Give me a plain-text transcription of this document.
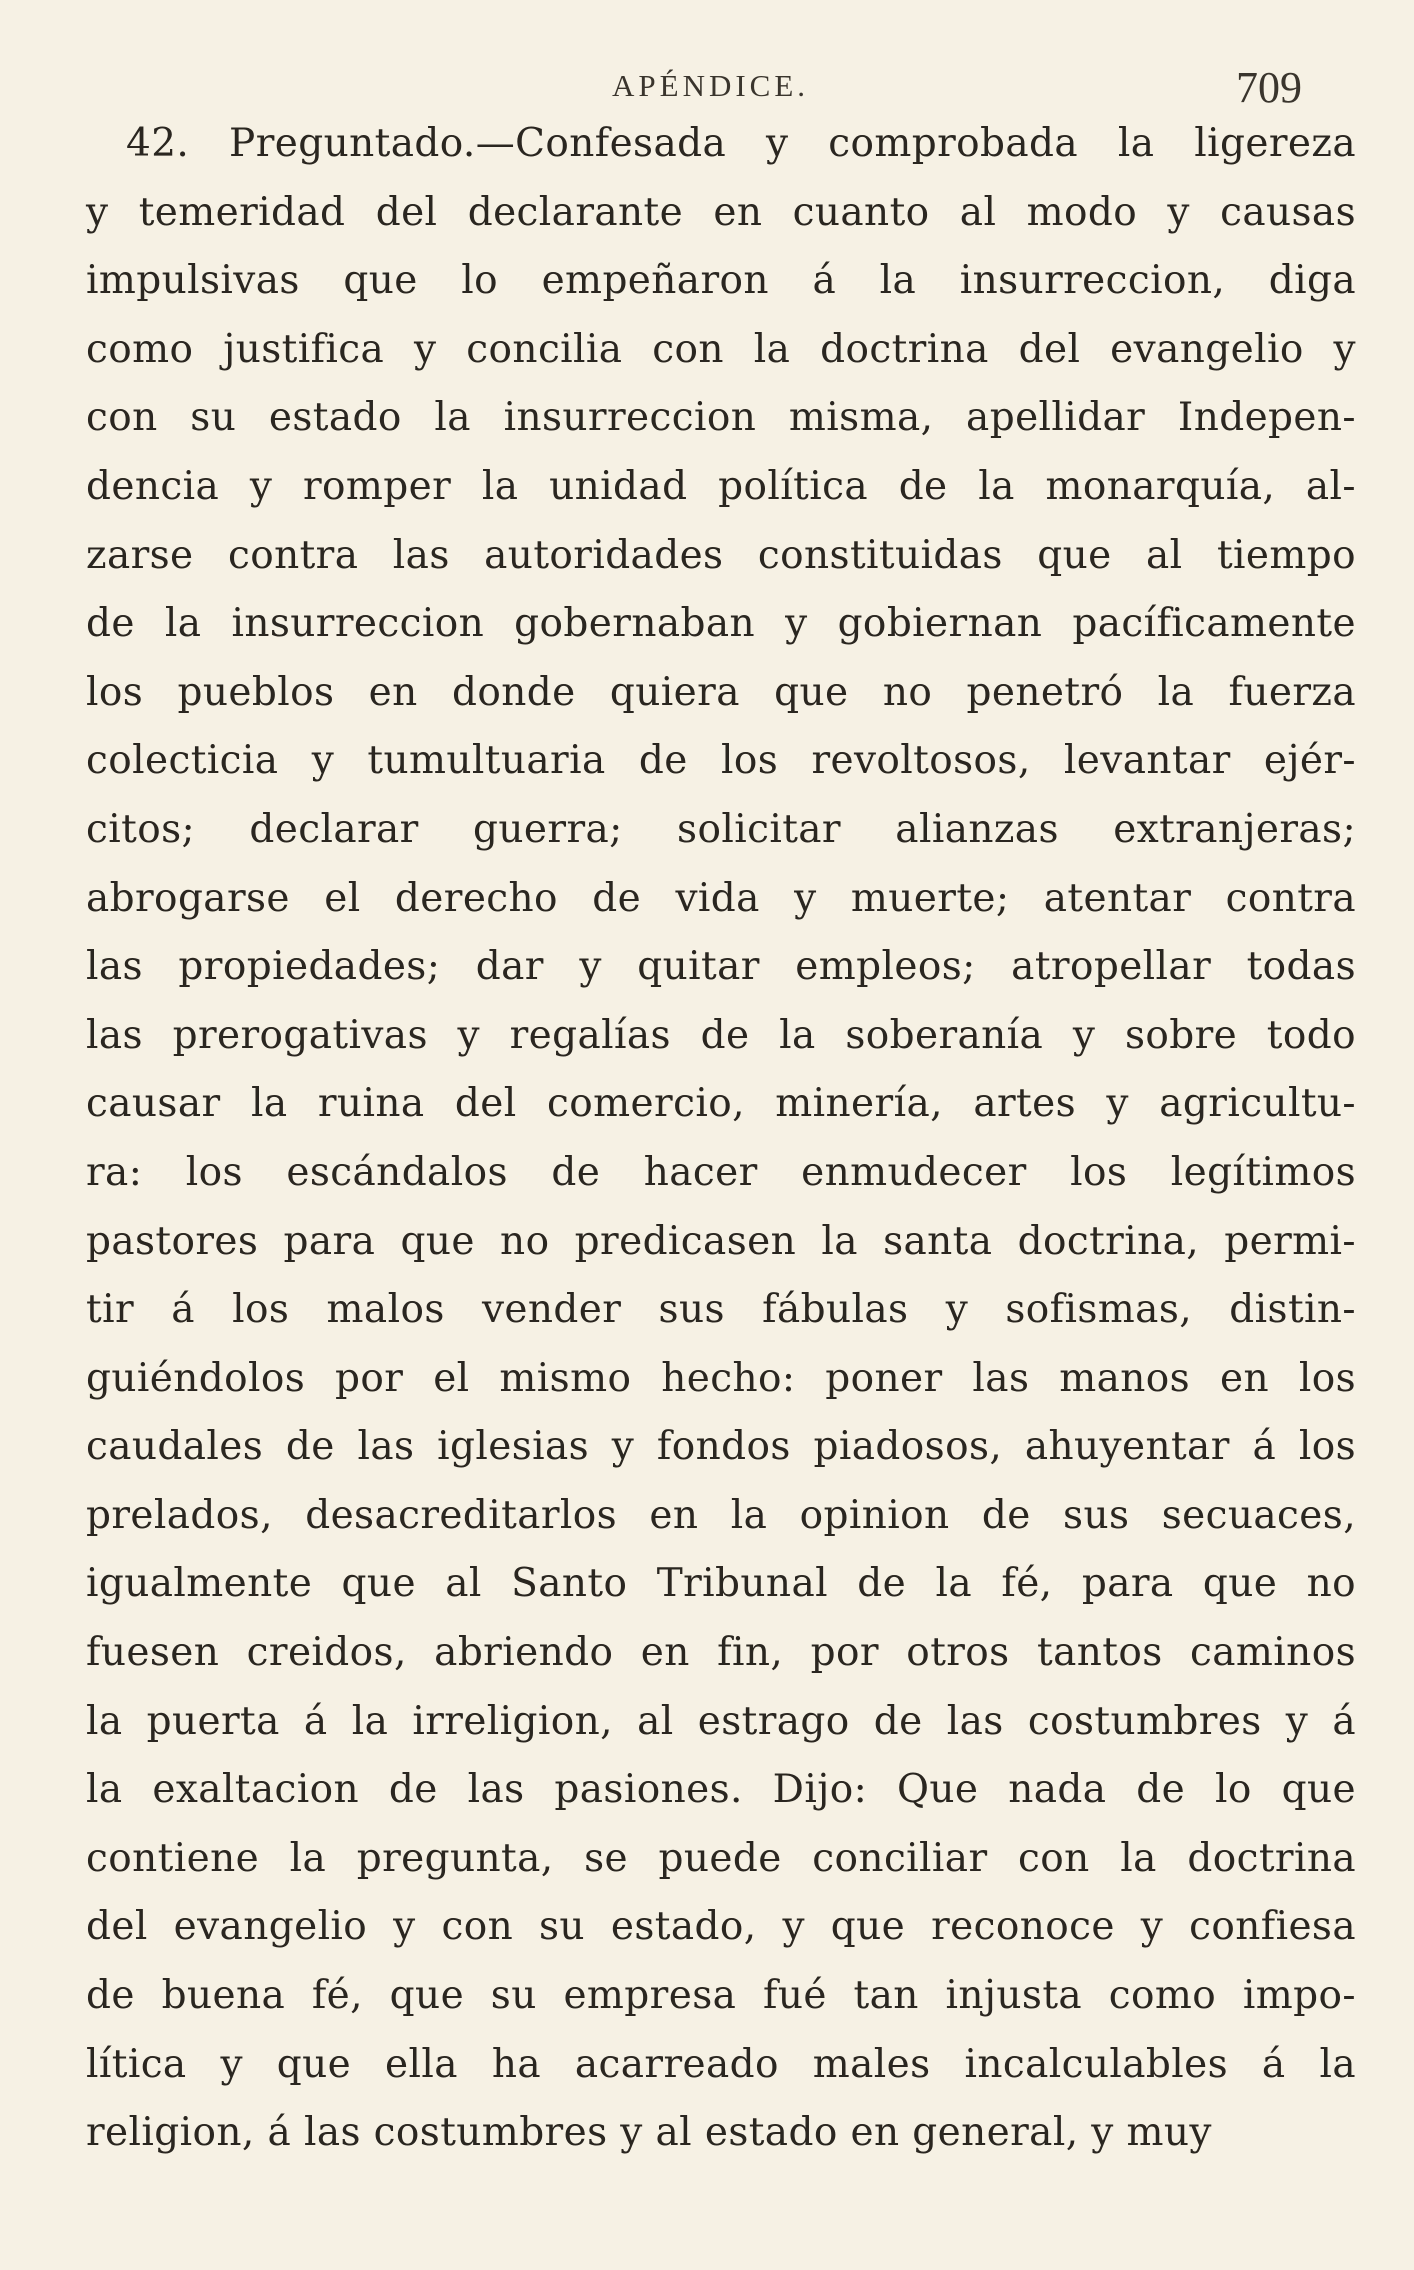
APÉNDICE.	709
42. Preguntado.—Confesada y comprobada la ligereza
y temeridad del declarante en cuanto al modo y causas
impulsivas que lo empeñaron á la insurreccion, diga
como justifica y concilia con la doctrina del evangelio y
con su estado la insurreccion misma, apellidar Indepen-
dencia y romper la unidad política de la monarquía, al-
zarse contra las autoridades constituidas que al tiempo
de la insurreccion gobernaban y gobiernan pacíficamente
los pueblos en donde quiera que no penetró la fuerza
colecticia y tumultuaria de los revoltosos, levantar ejér-
citos; declarar guerra; solicitar alianzas extranjeras;
abrogarse el derecho de vida y muerte; atentar contra
las propiedades; dar y quitar empleos; atropellar todas
las prerogativas y regalías de la soberanía y sobre todo
causar la ruina del comercio, minería, artes y agricultu-
ra: los escándalos de hacer enmudecer los legítimos
pastores para que no predicasen la santa doctrina, permi-
tir á los malos vender sus fábulas y sofismas, distin-
guiéndolos por el mismo hecho: poner las manos en los
caudales de las iglesias y fondos piadosos, ahuyentar á los
prelados, desacreditarlos en la opinion de sus secuaces,
igualmente que al Santo Tribunal de la fé, para que no
fuesen creidos, abriendo en fin, por otros tantos caminos
la puerta á la irreligion, al estrago de las costumbres y á
la exaltacion de las pasiones. Dijo: Que nada de lo que
contiene la pregunta, se puede conciliar con la doctrina
del evangelio y con su estado, y que reconoce y confiesa
de buena fé, que su empresa fué tan injusta como impo-
lítica y que ella ha acarreado males incalculables á la
religion, á las costumbres y al estado en general, y muy
